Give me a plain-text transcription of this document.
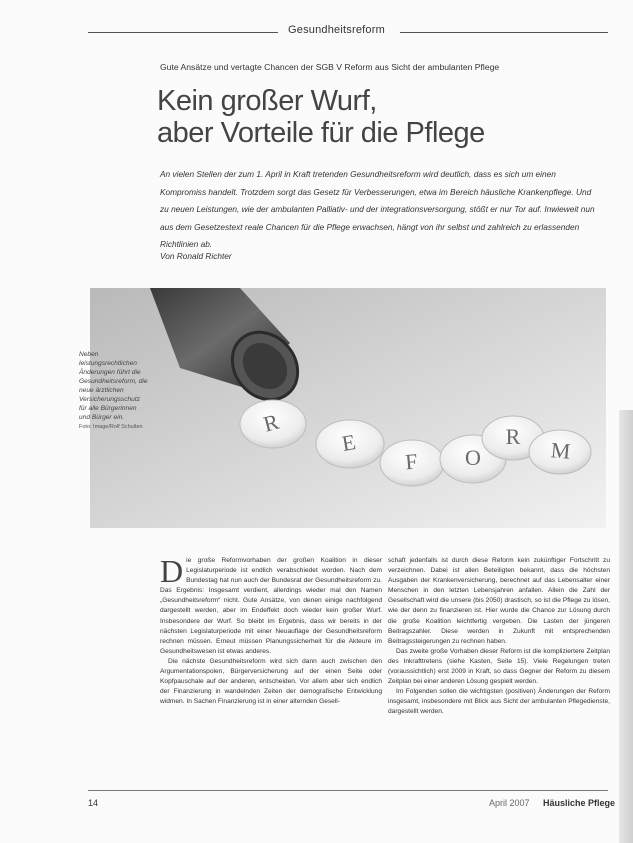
Gesundheitsreform
Gute Ansätze und vertagte Chancen der SGB V Reform aus Sicht der ambulanten Pflege
Kein großer Wurf,
aber Vorteile für die Pflege

An vielen Stellen der zum 1. April in Kraft tretenden Gesundheitsreform wird deutlich, dass es sich um einen Kompromiss handelt. Trotzdem sorgt das Gesetz für Verbesserungen, etwa im Bereich häusliche Krankenpflege. Und zu neuen Leistungen, wie der ambulanten Palliativ- und der integrationsversorgung, stößt er nur Tor auf. Inwieweit nun aus dem Gesetzestext reale Chancen für die Pflege erwachsen, hängt von ihr selbst und zahlreich zu erlassenden Richtlinien ab.

Von Ronald Richter
R
E
F O
R
M
Neben leistungsrechtlichen Änderungen führt die Gesundheitsreform, die neue ärztlichen Versicherungsschutz für alle Bürgerinnen und Bürger ein.
Foto: Image/Rolf Schulten
D ie große Reformvorhaben der großen Koalition in dieser Legislaturperiode ist endlich verabschiedet worden. Nach dem Bundestag hat nun auch der Bundesrat der Gesundheitsreform zu. Das Ergebnis: Insgesamt verdient, allerdings wieder mal den Namen „Gesundheitsreform“ nicht. Gute Ansätze, von denen einige nachfolgend dargestellt werden, aber im Endeffekt doch wieder kein großer Wurf. Insbesondere der Wurf. So bleibt im Ergebnis, dass wir bereits in der nächsten Legislaturperiode mit einer Neuauflage der Gesundheitsreform rechnen müssen. Erneut müssen Planungssicherheit für die Akteure im Gesundheitswesen ist etwas anderes.

Die nächste Gesundheitsreform wird sich dann auch zwischen den Argumentationspolen, Bürgerversicherung auf der einen Seite oder Kopfpauschale auf der anderen, entscheiden. Vor allem aber sich endlich der Finanzierung in wandelnden Zeiten der demografische Entwicklung widmen. In Sachen Finanzierung ist in einer alternden Gesell-

schaft jedenfalls ist durch diese Reform kein zukünftiger Fortschritt zu verzeichnen. Dabei ist allen Beteiligten bekannt, dass die höchsten Ausgaben der Krankenversicherung, berechnet auf das Lebensalter einer Menschen in den letzten Lebensjahren anfallen. Allein die Zahl der Gesellschaft wird die unsere (bis 2050) drastisch, so ist die Pflege zu lösen, wie der denn zu finanzieren ist. Hier wurde die Chance zur Lösung durch die große Koalition leichtfertig vergeben. Die Lasten der jüngeren Beitragszahler. Diese werden in Zukunft mit entsprechenden Beitragssteigerungen zu rechnen haben.

Das zweite große Vorhaben dieser Reform ist die kompliziertere Zeitplan des Inkrafttretens (siehe Kasten, Seite 15). Viele Regelungen treten (voraussichtlich) erst 2009 in Kraft, so dass Gegner der Reform zu diesem Zeitplan bei einer anderen Lösung gespielt werden.

Im Folgenden sollen die wichtigsten (positiven) Änderungen der Reform insgesamt, insbesondere mit Blick aus Sicht der ambulanten Pflegedienste, dargestellt werden.

14	April 2007 Häusliche Pflege
